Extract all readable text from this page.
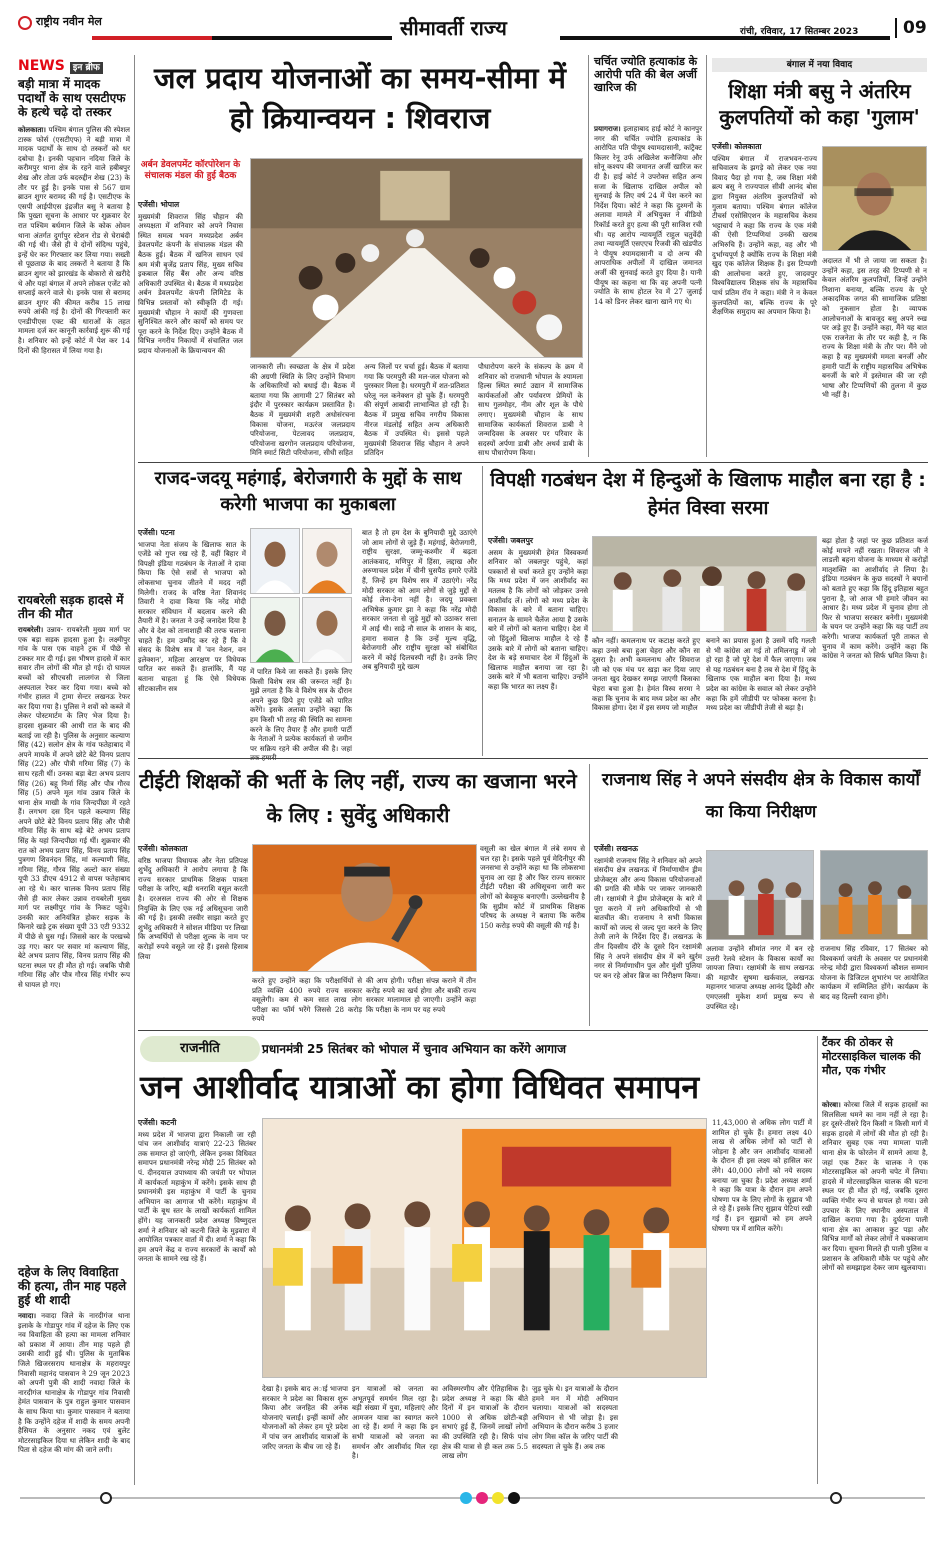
राष्ट्रीय नवीन मेल	सीमावर्ती राज्य	रांची, रविवार, 17 सितम्बर 2023	09
NEWS इन ब्रीफ
बड़ी मात्रा में मादक पदार्थों के साथ एसटीएफ के हत्थे चढ़े दो तस्कर
कोलकाता। पश्चिम बंगाल पुलिस की स्पेशल टास्क फोर्स (एसटीएफ) ने बड़ी मात्रा में मादक पदार्थों के साथ दो तस्करों को धर दबोचा है। इनकी पहचान नदिया जिले के करीमपुर थाना क्षेत्र के रहने वाले हबीबपुर शेख और तोता उर्फ बदरुद्दीन शेख (23) के तौर पर हुई है। इनके पास से 567 ग्राम ब्राउन शुगर बरामद की गई है। एसटीएफ के एसपी आईपीएस इंद्रजीत बसु ने बताया है कि पुख्ता सूचना के आधार पर शुक्रवार देर रात पश्चिम बर्धमान जिले के कोक ओवन थाना अंतर्गत दुर्गापुर स्टेशन रोड से घेराबंदी की गई थी। जैसे ही ये दोनों संदिग्ध पहुंचे, इन्हें घेर कर गिरफ्तार कर लिया गया। सख्ती से पूछताछ के बाद तस्करों ने बताया है कि ब्राउन शुगर को झारखंड के बोकारो से खरीदे थे और यहां बंगाल में अपने लोकल एजेंट को सप्लाई करने वाले थे। इनके पास से बरामद ब्राउन शुगर की कीमत करीब 15 लाख रुपये आंकी गई है। दोनों की गिरफ्तारी कर एनडीपीएस एक्ट की धाराओं के तहत मामला दर्ज कर कानूनी कार्रवाई शुरू की गई है। शनिवार को इन्हें कोर्ट में पेश कर 14 दिनों की हिरासत में लिया गया है।
रायबरेली सड़क हादसे में तीन की मौत
रायबरेली। उन्नाव- रायबरेली मुख्य मार्ग पर एक बड़ा सड़क हादसा हुआ है। लक्ष्मीपुर गांव के पास एक वाहने ट्रक में पीछे से टक्कर मार दी गई। इस भीषण हादसे में कार सवार तीन लोगों की मौत हो गई। दो घायल बच्चों को सीएचसी लालगंज से जिला अस्पताल रेफर कर दिया गया। बच्चे को गंभीर हालत में ट्रामा सेन्टर लखनऊ रेफर कर दिया गया है। पुलिस ने शवों को कब्जे में लेकर पोस्टमार्टम के लिए भेज दिया है। हादसा शुक्रवार की आधी रात के बाद की बताई जा रही है। पुलिस के अनुसार कल्याण सिंह (42) सलोन क्षेत्र के गांव फतेहाबाद में अपने मायके में अपने छोटे बेटे विनय प्रताप सिंह (22) और पौत्री गरिमा सिंह (7) के साथ रहती थीं। उनका बड़ा बेटा अभय प्रताप सिंह (26) बहू निर्मा सिंह और पौत्र गौरव सिंह (5) अपने मूल गांव उन्नाव जिले के थाना क्षेत्र माखी के गांव जिन्दपीछा में रहते हैं। लगभग दस दिन पहले कल्याण सिंह अपने छोटे बेटे विनय प्रताप सिंह और पौत्री गरिमा सिंह के साथ बड़े बेटे अभय प्रताप सिंह के यहां जिन्दपीछा गई थीं। शुक्रवार की रात को अभय प्रताप सिंह, विनय प्रताप सिंह पुत्रगण शिवनंदन सिंह, मां कल्याणी सिंह, गरिमा सिंह, गौरव सिंह अल्टो कार संख्या यूपी 33 डीएच 4912 से वापस फतेहाबाद आ रहे थे। कार चालक विनय प्रताप सिंह जैसे ही कार लेकर उन्नाव रायबरेली मुख्य मार्ग पर लक्ष्मीपुर गांव के निकट पहुंचे। उनकी कार अनियंत्रित होकर सड़क के किनारे खड़े ट्रक संख्या यूपी 33 एटी 9332 में पीछे से घुस गई। जिससे कार के परखच्चे उड़ गए। कार पर सवार मां कल्याण सिंह, बेटे अभय प्रताप सिंह, विनय प्रताप सिंह की घटना स्थल पर ही मौत हो गई। जबकि पौत्री गरिमा सिंह और पौत्र गौरव सिंह गंभीर रूप से घायल हो गए।
दहेज के लिए विवाहिता की हत्या, तीन माह पहले हुई थी शादी
नवादा। नवादा जिले के नारदीगंज थाना इलाके के गोडापुर गांव में दहेज के लिए एक नव विवाहिता की हत्या का मामला शनिवार को प्रकाश में आया। तीन माह पहले ही उसकी शादी हुई थी। पुलिस के मुताबिक जिले खिजरसराय थानाक्षेत्र के महरायपुर निवासी महानंद पासवान ने 29 जून 2023 को अपनी पुत्री की शादी नवादा जिले के नारदीगंज थानाक्षेत्र के गोडापुर गांव निवासी हेमंत पासवान के पुत्र राहुल कुमार पासवान के साथ किया था। कुमार पासवान ने बताया है कि उन्होंने दहेज में शादी के समय अपनी हैसियत के अनुसार नकद एवं बुलेट मोटरसाइकिल दिया था लेकिन शादी के बाद पिता से दहेज की मांग की जाने लगी।
जल प्रदाय योजनाओं का समय-सीमा में हो क्रियान्वयन : शिवराज
अर्बन डेवलपमेंट कॉरपोरेशन के संचालक मंडल की हुई बैठक
एजेंसी। भोपाल
मुख्यमंत्री शिवराज सिंह चौहान की अध्यक्षता में शनिवार को अपने निवास स्थित समत्व भवन मध्यप्रदेश अर्बन डेवलपमेंट कंपनी के संचालक मंडल की बैठक हुई। बैठक में खनिज साधन एवं श्रम मंत्री बृजेंद्र प्रताप सिंह, मुख्य सचिव इकबाल सिंह बैंस और अन्य वरिष्ठ अधिकारी उपस्थित थे। बैठक में मध्यप्रदेश अर्बन डेवलपमेंट कंपनी लिमिटेड के विभिन्न प्रस्तावों को स्वीकृति दी गई। मुख्यमंत्री चौहान ने कार्यों की गुणवत्ता सुनिश्चित करने और कार्यों को समय पर पूरा करने के निर्देश दिए। उन्होंने बैठक में विभिन्न नगरीय निकायों में संचालित जल प्रदाय योजनाओं के क्रियान्वयन की
जानकारी ली। स्वच्छता के क्षेत्र में प्रदेश की अग्रणी स्थिति के लिए उन्होंने विभाग के अधिकारियों को बधाई दी। बैठक में बताया गया कि आगामी 27 सितंबर को इंदौर में पुरस्कार कार्यक्रम प्रस्तावित है। बैठक में मुख्यमंत्री शहरी अधोसंरचना विकास योजना, मऊरंज जलप्रदाय परियोजना, पेटलावद जलप्रदाय, परियोजना खरगोन जलप्रदाय परियोजना, मिनि स्मार्ट सिटी परियोजना, सीधी सहित
अन्य जिलों पर चर्चा हुई। बैठक में बताया गया कि परमपुरी की मल-जल योजना को पुरस्कार मिला है। धरमपुरी में शत-प्रतिशत घरेलू नल कनेक्शन हो चुके हैं। धरमपुरी की संपूर्ण आबादी लाभान्वित हो रही है। बैठक में प्रमुख सचिव नगरीय विकास नीरज मंडलोई सहित अन्य अधिकारी बैठक में उपस्थित थे। इससे पहले मुख्यमंत्री शिवराज सिंह चौहान ने अपने प्रतिदिन
पौधारोपण करने के संकल्प के क्रम में शनिवार को राजधानी भोपाल के श्यामला हिल्स स्थित स्मार्ट उद्यान में सामाजिक कार्यकर्ताओं और पर्यावरण प्रेमियों के साथ गुलमोहर, नीम और शूल के पौधे लगाए। मुख्यमंत्री चौहान के साथ सामाजिक कार्यकर्ता शिवराज डाबी ने जन्मदिवस के अवसर पर परिवार के सदस्यों अर्पणा डाबी और अथर्व डाबी के साथ पौधारोपण किया।
चर्चित ज्योति हत्याकांड के आरोपी पति की बेल अर्जी खारिज की
प्रयागराज। इलाहाबाद हाई कोर्ट ने कानपुर नगर की चर्चित ज्योति हत्याकांड के आरोपित पति पीयूष श्यामदासानी, कांट्रैक्ट किलर रेनू उर्फ अखिलेश कनौजिया और सोनू कश्यप की जमानत अर्जी खारिज कर दी है। हाई कोर्ट ने उपरोक्त सहित अन्य सजा के खिलाफ दाखिल अपील को सुनवाई के लिए वर्ष 24 में पेश करने का निर्देश दिया। कोर्ट ने कहा कि दुश्मनों के अलावा मामले में अभियुक्त ने वीडियो रिकॉर्ड करते हुए हत्या की पूरी साजिश रची थी। यह आरोप न्यायमूर्ति राहुल चतुर्वेदी तथा न्यायमूर्ति एसएएच रिजवी की खंडपीठ ने पीयूष श्यामदासानी व दो अन्य की आपराधिक अपीलों में दाखिल जमानत अर्जी की सुनवाई करते हुए दिया है। यानी पीयूष का कहना था कि वह अपनी पत्नी ज्योति के साथ होटल रेव में 27 जुलाई 14 को डिनर लेकर खाना खाने गए थे।
बंगाल में नया विवाद
शिक्षा मंत्री बसु ने अंतरिम कुलपतियों को कहा 'गुलाम'
एजेंसी। कोलकाता
पश्चिम बंगाल में राजभवन-राज्य सचिवालय के झगड़े को लेकर एक नया विवाद पैदा हो गया है, जब शिक्षा मंत्री ब्रत्य बसु ने राज्यपाल सीवी आनंद बोस द्वारा नियुक्त अंतरिम कुलपतियों को गुलाम बताया। पश्चिम बंगाल कॉलेज टीचर्स एसोसिएशन के महासचिव केशव भट्टाचार्य ने कहा कि राज्य के एक मंत्री की ऐसी टिप्पणियां उनकी खराब अभिरुचि हैं। उन्होंने कहा, वह और भी दुर्भाग्यपूर्ण है क्योंकि राज्य के शिक्षा मंत्री खुद एक कॉलेज शिक्षक हैं। इस टिप्पणी की आलोचना करते हुए, जादवपुर विश्वविद्यालय शिक्षक संघ के महासचिव पार्थ प्रतिम रॉय ने कहा। मंत्री ने न केवल कुलपतियों का, बल्कि राज्य के पूरे शैक्षणिक समुदाय का अपमान किया है।
अदालत में भी ले जाया जा सकता है। उन्होंने कहा, इस तरह की टिप्पणी से न केवल अंतरिम कुलपतियों, जिन्हें उन्होंने निशाना बनाया, बल्कि राज्य के पूरे अकादमिक जगत की सामाजिक प्रतिष्ठा को नुकसान होता है। व्यापक आलोचनाओं के बावजूद बसु अपने रुख पर अड़े हुए हैं। उन्होंने कहा, मैंने यह बात एक राजनेता के तौर पर कही है, न कि राज्य के शिक्षा मंत्री के तौर पर। मैंने जो कहा है वह मुख्यमंत्री ममता बनर्जी और हमारी पार्टी के राष्ट्रीय महासचिव अभिषेक बनर्जी के बारे में इस्तेमाल की जा रही भाषा और टिप्पणियों की तुलना में कुछ भी नहीं है।
राजद-जदयू महंगाई, बेरोजगारी के मुद्दों के साथ करेगी भाजपा का मुकाबला
एजेंसी। पटना
भाजपा नेता संजय के खिलाफ सात के एजेंडे को गुप्त रख रहे हैं, वहीं बिहार में विपक्षी इंडिया गठबंधन के नेताओं ने दावा किया कि ऐसे सत्रों से भाजपा को लोकसभा चुनाव जीतने में मदद नहीं मिलेगी। राजद के वरिष्ठ नेता शिवानंद तिवारी ने दावा किया कि नरेंद्र मोदी सरकार संविधान में बदलाव करने की तैयारी में है। जनता ने उन्हें जनादेश दिया है और वे देश को तानाशाही की तरफ चलाना चाहते हैं। हम उम्मीद कर रहे हैं कि वे संसद के विशेष सत्र में 'वन नेशन, वन इलेक्शन', महिला आरक्षण पर विधेयक पारित कर सकते हैं। हालांकि, मैं यह बताना चाहता हूं कि ऐसे विधेयक सीटकालीन सत्र
में पारित किये जा सकते हैं। इसके लिए किसी विशेष सत्र की जरूरत नहीं है। मुझे लगता है कि वे विशेष सत्र के दौरान अपने कुछ छिपे हुए एजेंडे को पारित करेंगे। इसके अलावा उन्होंने कहा कि हम किसी भी तरह की स्थिति का सामना करने के लिए तैयार हैं और हमारी पार्टी के नेताओं ने प्रत्येक कार्यकर्ता से जमीन पर सक्रिय रहने की अपील की है। जहां
बात है तो हम देश के बुनियादी मुद्दे उठाएंगे जो आम लोगों से जुड़े हैं। महंगाई, बेरोजगारी, राष्ट्रीय सुरक्षा, जम्मू-कश्मीर में बढ़ता आतंकवाद, मणिपुर में हिंसा, लद्दाख और अरुणाचल प्रदेश में चीनी घुसपैठ हमारे एजेंडे हैं, जिन्हें हम विशेष सत्र में उठाएंगे। नरेंद्र मोदी सरकार को आम लोगों से जुड़े मुद्दों से कोई लेना-देना नहीं है। जदयू प्रवक्ता अभिषेक कुमार झा ने कहा कि नरेंद्र मोदी सरकार जनता से जुड़े मुद्दों को उठाकर सत्ता में आई थी। साढ़े नौ साल के शासन के बाद, हमारा सवाल है कि उन्हें मूल्य वृद्धि, बेरोजगारी और राष्ट्रीय सुरक्षा को संबोधित करने में कोई दिलचस्पी नहीं है। उनके लिए अब बुनियादी मुद्दे खत्म
विपक्षी गठबंधन देश में हिन्दुओं के खिलाफ माहौल बना रहा है : हेमंत विस्वा सरमा
एजेंसी। जबलपुर
असम के मुख्यमंत्री हेमंत विस्वकर्मा शनिवार को जबलपुर पहुंचे, कहां पत्रकारों से चर्चा करते हुए उन्होंने कहा कि मध्य प्रदेश में जन आशीर्वाद का मतलब है कि लोगों को जोड़कर उनसे आशीर्वाद लें। लोगों को मध्य प्रदेश के विकास के बारे में बताना चाहिए। सनातन के सामने चैलेंज आया है उसके बारे में लोगों को बताना चाहिए। देश में जो हिंदुओं खिलाफ माहौल दे रहे हैं उसके बारे में लोगों को बताना चाहिए। देश के बड़े समाचार देश में हिंदुओं के खिलाफ माहौल बनाया जा रहा है। उसके बारे में भी बताना चाहिए। उन्होंने कहा कि भारत का लक्ष्य हैं।
कौन नहीं। कमलनाथ पर कटाक्ष करते हुए कहा उनसे बचा हुआ चेहरा और कौन सा दूसरा है। अभी कमलनाथ और शिवराज जी को एक मंच पर खड़ा कर दिया जाए जनता खुद देखकर समझ जाएगी किसका चेहरा बचा हुआ है। हेमंत विस्व सरमा ने कहा कि चुनाव के बाद मध्य प्रदेश का और विकास होगा। देश में इस समय जो माहौल
बनाने का प्रयास हुआ है उसमें यदि गलती से भी कांग्रेस आ गई तो तमिलनाडु में जो हो रहा है जो पूरे देश में फैल जाएगा। जब से यह गठबंधन बना है तब से देश में हिंदू के खिलाफ एक माहौल बना दिया है। मध्य प्रदेश का कांग्रेस के सवाल को लेकर उन्होंने कहा कि हमें जीडीपी पर फोकस करना है। मध्य प्रदेश का जीडीपी तेजी से बढ़ा है।
बढ़ा होता है जहां पर कुछ प्रतिशत कर्ज कोई मायने नहीं रखता। शिवराज जी ने लाडली बहना योजना के माध्यम से करोड़ों मातृशक्ति का आशीर्वाद ले लिया है। इंडिया गठबंधन के कुछ सदस्यों ने बयानों को बताते हुए कहा कि हिंदू इतिहास बहुत पुराना है, जो आज भी हमारे जीवन का आधार है। मध्य प्रदेश में चुनाव होगा तो फिर से भाजपा सरकार बनेगी। मुख्यमंत्री के चयन पर उन्होंने कहा कि यह पार्टी तय करेगी। भाजपा कार्यकर्ता पूरी ताकत से चुनाव में काम करेंगे। उन्होंने कहा कि कांग्रेस ने जनता को सिर्फ भ्रमित किया है।
टीईटी शिक्षकों की भर्ती के लिए नहीं, राज्य का खजाना भरने के लिए : सुवेंदु अधिकारी
एजेंसी। कोलकाता
वरिष्ठ भाजपा विधायक और नेता प्रतिपक्ष शुभेंदु अधिकारी ने आरोप लगाया है कि राज्य सरकार प्राथमिक शिक्षक पात्रता परीक्षा के जरिए, बड़ी धनराशि वसूल करती है। दरअसल राज्य की ओर से शिक्षक नियुक्ति के लिए एक नई अधिसूचना जारी की गई है। इसकी तस्वीर साझा करते हुए शुभेंदु अधिकारी ने सोशल मीडिया पर लिखा कि अभ्यर्थियों से परीक्षा शुल्क के नाम पर करोड़ों रुपये वसूले जा रहे हैं। इससे हिसाब लिया
करते हुए उन्होंने कहा कि परीक्षार्थियों से प्रति व्यक्ति 400 रुपये राज्य सरकार वसूलेगी। कम से कम सात लाख लोग परीक्षा का फॉर्म भरेंगे जिससे 28 करोड़ रुपये
की आय होगी। परीक्षा संपन्न कराने में तीन करोड़ रुपये का खर्च होगा और बाकी राज्य सरकार मालामाल हो जाएगी। उन्होंने कहा कि परीक्षा के नाम पर यह रुपये
वसूली का खेल बंगाल में लंबे समय से चल रहा है। इसके पहले पूर्व मेदिनीपुर की जनसभा से उन्होंने कहा था कि लोकसभा चुनाव आ रहा है और फिर राज्य सरकार टीईटी परीक्षा की अधिसूचना जारी कर लोगों को बेवकूफ बनाएगी। उल्लेखनीय है कि सुप्रीम कोर्ट में प्राथमिक शिक्षक परिषद के अध्यक्ष ने बताया कि करीब 150 करोड़ रुपये की वसूली की गई है।
राजनाथ सिंह ने अपने संसदीय क्षेत्र के विकास कार्यों का किया निरीक्षण
एजेंसी। लखनऊ
रक्षामंत्री राजनाथ सिंह ने शनिवार को अपने संसदीय क्षेत्र लखनऊ में निर्माणाधीन ड्रीम प्रोजेक्ट्स और अन्य विकास परियोजनाओं की प्रगति की मौके पर जाकर जानकारी ली। रक्षामंत्री ने ड्रीम प्रोजेक्ट्स के बारे में पूरा कराने में लगे अधिकारियों से भी बातचीत की। राजनाथ ने सभी विकास कार्यों को जल्द से जल्द पूरा करने के लिए तेजी लाने के निर्देश दिए हैं। लखनऊ के तीन दिवसीय दौरे के दूसरे दिन रक्षामंत्री सिंह ने अपने संसदीय क्षेत्र में बने खुर्रम नगर से निर्माणाधीन पुल और मुंशी पुलिया पर बन रहे ओवर ब्रिज का निरीक्षण किया।
अलावा उन्होंने सीमांत नगर में बन रहे उत्तरी रेलवे स्टेशन के विकास कार्यों का जायजा लिया। रक्षामंत्री के साथ लखनऊ की महापौर सुषमा खर्कवाल, लखनऊ महानगर भाजपा अध्यक्ष आनंद द्विवेदी और एमएलसी मुकेश शर्मा प्रमुख रूप से उपस्थित रहे।
राजनाथ सिंह रविवार, 17 सितंबर को विश्वकर्मा जयंती के अवसर पर प्रधानमंत्री नरेन्द्र मोदी द्वारा विश्वकर्मा कौशल सम्मान योजना के डिजिटल शुभारंभ पर आयोजित कार्यक्रम में सम्मिलित होंगे। कार्यक्रम के बाद वह दिल्ली रवाना होंगे।
राजनीति	प्रधानमंत्री 25 सितंबर को भोपाल में चुनाव अभियान का करेंगे आगाज
जन आशीर्वाद यात्राओं का होगा विधिवत समापन
एजेंसी। कटनी
मध्य प्रदेश में भाजपा द्वारा निकाली जा रही पांच जन आशीर्वाद यात्राएं 22-23 सितंबर तक समाप्त हो जाएंगी, लेकिन इनका विधिवत समापन प्रधानमंत्री नरेन्द्र मोदी 25 सितंबर को पं. दीनदयाल उपाध्याय की जयंती पर भोपाल में कार्यकर्ता महाकुंभ में करेंगे। इसके साथ ही प्रधानमंत्री इस महाकुंभ में पार्टी के चुनाव अभियान का आगाज भी करेंगे। महाकुंभ में पार्टी के बूथ स्तर के लाखों कार्यकर्ता शामिल होंगे। यह जानकारी प्रदेश अध्यक्ष विष्णुदत्त शर्मा ने शनिवार को कटनी जिले के मुड़वारा में आयोजित पत्रकार वार्ता में दी। शर्मा ने कहा कि हम अपने केंद्र व राज्य सरकारों के कार्यों को जनता के सामने रख रहे हैं।
देखा है। इसके बाद अाई भाजपा सरकार ने प्रदेश का विकास शुरू किया और जनहित की अनेक योजनाएं चलाईं। इन्हीं कामों और योजनाओं को लेकर हम पूरे प्रदेश में पांच जन आशीर्वाद यात्राओं के जरिए जनता के बीच जा रहे हैं।
इन यात्राओं को जनता का अभूतपूर्व समर्थन मिल रहा है। बड़ी संख्या में युवा, महिलाएं और आमजन यात्रा का स्वागत करने आ रहे हैं। शर्मा ने कहा कि इन सभी यात्राओं को जनता का समर्थन और आशीर्वाद मिल रहा है।
अविस्मरणीय और ऐतिहासिक है। प्रदेश अध्यक्ष ने कहा कि बीते दिनों में इन यात्राओं के दौरान 1000 से अधिक छोटी-बड़ी सभाएं हुई हैं, जिनमें लाखों लोगों की उपस्थिति रही है। सिर्फ पांच क्षेत्र की यात्रा से ही कल तक 5.5 लाख लोग
जुड़ चुके थे। इन यात्राओं के दौरान हमने मन में मोदी अभियान चलाया। यात्राओं को सदस्यता अभियान से भी जोड़ा है। इस अभियान के दौरान करीब 3 हजार लोग मिस कॉल के जरिए पार्टी की सदस्यता ले चुके हैं। अब तक
11,43,000 से अधिक लोग पार्टी में शामिल हो चुके हैं। हमारा लक्ष्य 40 लाख से अधिक लोगों को पार्टी से जोड़ना है और जन आशीर्वाद यात्राओं के दौरान ही इस लक्ष्य को हासिल कर लेंगे। 40,000 लोगों को नये सदस्य बनाया जा चुका है। प्रदेश अध्यक्ष शर्मा ने कहा कि यात्रा के दौरान हम अपने घोषणा पत्र के लिए लोगों के सुझाव भी ले रहे हैं। इसके लिए सुझाव पेटियां रखी गई हैं। इन सुझावों को हम अपने घोषणा पत्र में शामिल करेंगे।
टैंकर की ठोकर से मोटरसाइकिल चालक की मौत, एक गंभीर
कोरबा। कोरबा जिले में सड़क हादसों का सिलसिला थमने का नाम नहीं ले रहा है। हर दूसरे-तीसरे दिन किसी न किसी मार्ग में सड़क हादसे में लोगों की मौत हो रही है। शनिवार सुबह एक नया मामला पाली थाना क्षेत्र के फोरलेन में सामने आया है, जहां एक टैंकर के चालक ने एक मोटरसाइकिल को अपनी चपेट में लिया। हादसे में मोटरसाइकिल चालक की घटना स्थल पर ही मौत हो गई, जबकि दूसरा व्यक्ति गंभीर रूप से घायल हो गया। उसे उपचार के लिए स्थानीय अस्पताल में दाखिल कराया गया है। दुर्घटना पाली थाना क्षेत्र का आकाश कुट पड़ा और विभिन्न मार्गों को लेकर लोगों ने चक्काजाम कर दिया। सूचना मिलते ही पाली पुलिस व प्रशासन के अधिकारी मौके पर पहुंचे और लोगों को समझाइश देकर जाम खुलवाया।
